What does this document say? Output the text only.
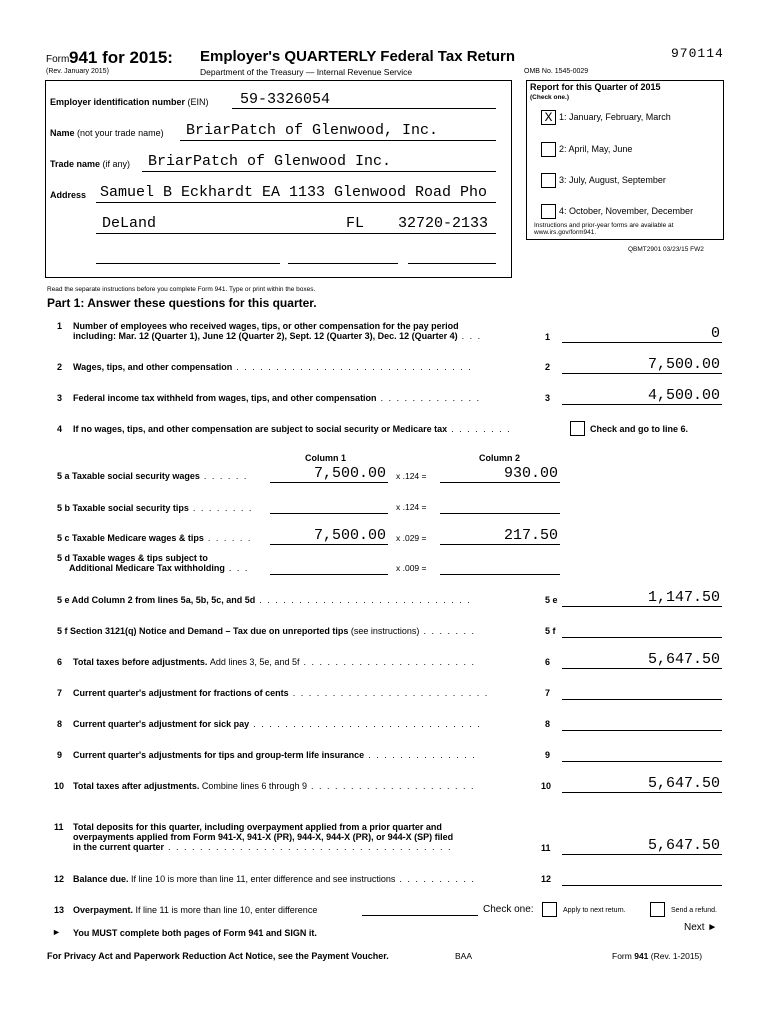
Form 941 for 2015:
(Rev. January 2015)
Employer's QUARTERLY Federal Tax Return
Department of the Treasury — Internal Revenue Service	OMB No. 1545-0029
970114
Employer identification number (EIN) 59-3326054
Name (not your trade name) BriarPatch of Glenwood, Inc.
Trade name (if any) BriarPatch of Glenwood Inc.
Address Samuel B Eckhardt EA 1133 Glenwood Road Pho
DeLand	FL 32720-2133
Report for this Quarter of 2015
(Check one.)
X 1: January, February, March
2: April, May, June
3: July, August, September
4: October, November, December
Instructions and prior-year forms are available at www.irs.gov/form941.
QBMT2901 03/23/15 FW2
Read the separate instructions before you complete Form 941. Type or print within the boxes.
Part 1: Answer these questions for this quarter.
1 Number of employees who received wages, tips, or other compensation for the pay period
including: Mar. 12 (Quarter 1), June 12 (Quarter 2), Sept. 12 (Quarter 3), Dec. 12 (Quarter 4) . . .	1	0
2 Wages, tips, and other compensation . . . . . . . . . . . . . . . . . . . . . . . . . . . . . .	2	7,500.00
3 Federal income tax withheld from wages, tips, and other compensation . . . . . . . . . . . . .	3	4,500.00
4 If no wages, tips, and other compensation are subject to social security or Medicare tax . . . . . . . .	Check and go to line 6.
Column 1	Column 2
5 a Taxable social security wages . . . . . .	7,500.00 x .124 =	930.00
5 b Taxable social security tips . . . . . . . .	x .124 =
5 c Taxable Medicare wages & tips . . . . . .	7,500.00 x .029 =	217.50
5 d Taxable wages & tips subject to
Additional Medicare Tax withholding . . .	x .009 =
5 e Add Column 2 from lines 5a, 5b, 5c, and 5d . . . . . . . . . . . . . . . . . . . . . . . . . . .	5 e	1,147.50
5 f Section 3121(q) Notice and Demand – Tax due on unreported tips (see instructions) . . . . . . .	5 f
6 Total taxes before adjustments. Add lines 3, 5e, and 5f . . . . . . . . . . . . . . . . . . . . . .	6	5,647.50
7 Current quarter's adjustment for fractions of cents . . . . . . . . . . . . . . . . . . . . . . . . .	7
8 Current quarter's adjustment for sick pay . . . . . . . . . . . . . . . . . . . . . . . . . . . . .	8
9 Current quarter's adjustments for tips and group-term life insurance . . . . . . . . . . . . . .	9
10 Total taxes after adjustments. Combine lines 6 through 9 . . . . . . . . . . . . . . . . . . . . .	10	5,647.50
11 Total deposits for this quarter, including overpayment applied from a prior quarter and
overpayments applied from Form 941-X, 941-X (PR), 944-X, 944-X (PR), or 944-X (SP) filed
in the current quarter . . . . . . . . . . . . . . . . . . . . . . . . . . . . . . . . . . . .	11	5,647.50
12 Balance due. If line 10 is more than line 11, enter difference and see instructions . . . . . . . . . .	12
13 Overpayment. If line 11 is more than line 10, enter difference	Check one:	Apply to next return.	Send a refund.
► You MUST complete both pages of Form 941 and SIGN it.	Next ►
For Privacy Act and Paperwork Reduction Act Notice, see the Payment Voucher.	BAA	Form 941 (Rev. 1-2015)
